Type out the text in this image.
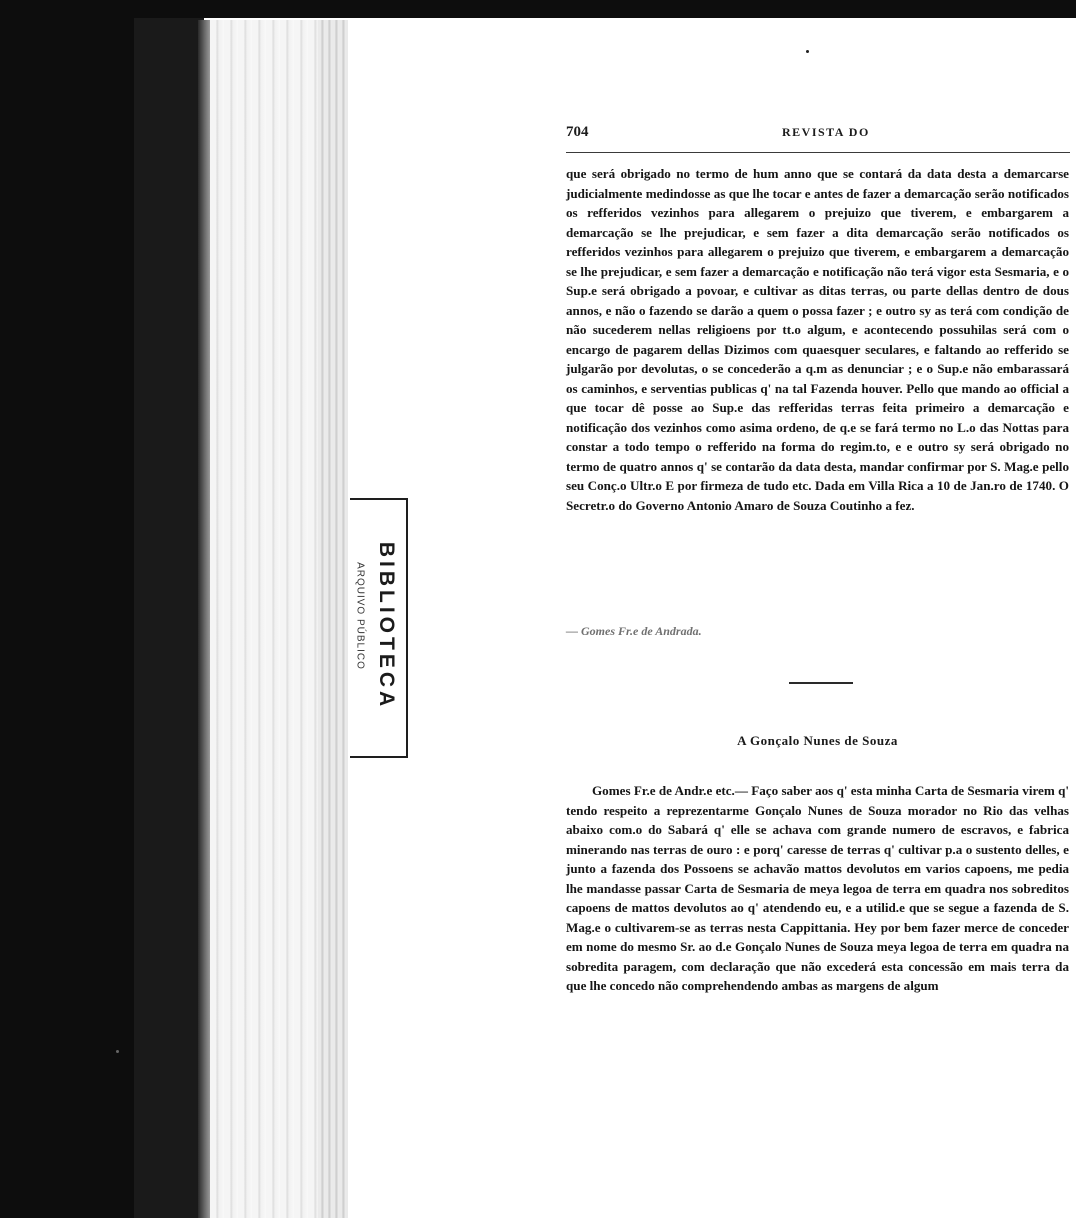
BIBLIOTECA
ARQUIVO PÚBLICO
704	REVISTA DO

que será obrigado no termo de hum anno que se contará da data desta a demarcarse judicialmente medindosse as que lhe tocar e antes de fazer a demarcação serão notificados os refferidos vezinhos para allegarem o prejuizo que tiverem, e embargarem a demarcação se lhe prejudicar, e sem fazer a dita demarcação serão notificados os refferidos vezinhos para allegarem o prejuizo que tiverem, e embargarem a demarcação se lhe prejudicar, e sem fazer a demarcação e notificação não terá vigor esta Sesmaria, e o Sup.e será obrigado a povoar, e cultivar as ditas terras, ou parte dellas dentro de dous annos, e não o fazendo se darão a quem o possa fazer ; e outro sy as terá com condição de não sucederem nellas religioens por tt.o algum, e acontecendo possuhilas será com o encargo de pagarem dellas Dizimos com quaesquer seculares, e faltando ao refferido se julgarão por devolutas, o se concederão a q.m as denunciar ; e o Sup.e não embarassará os caminhos, e serventias publicas q' na tal Fazenda houver. Pello que mando ao official a que tocar dê posse ao Sup.e das refferidas terras feita primeiro a demarcação e notificação dos vezinhos como asima ordeno, de q.e se fará termo no L.o das Nottas para constar a todo tempo o refferido na forma do regim.to, e e outro sy será obrigado no termo de quatro annos q' se contarão da data desta, mandar confirmar por S. Mag.e pello seu Conç.o Ultr.o E por firmeza de tudo etc. Dada em Villa Rica a 10 de Jan.ro de 1740. O Secretr.o do Governo Antonio Amaro de Souza Coutinho a fez.

— Gomes Fr.e de Andrada.
A Gonçalo Nunes de Souza

Gomes Fr.e de Andr.e etc.— Faço saber aos q' esta minha Carta de Sesmaria virem q' tendo respeito a reprezentarme Gonçalo Nunes de Souza morador no Rio das velhas abaixo com.o do Sabará q' elle se achava com grande numero de escravos, e fabrica minerando nas terras de ouro : e porq' caresse de terras q' cultivar p.a o sustento delles, e junto a fazenda dos Possoens se achavão mattos devolutos em varios capoens, me pedia lhe mandasse passar Carta de Sesmaria de meya legoa de terra em quadra nos sobreditos capoens de mattos devolutos ao q' atendendo eu, e a utilid.e que se segue a fazenda de S. Mag.e o cultivarem-se as terras nesta Cappittania. Hey por bem fazer merce de conceder em nome do mesmo Sr. ao d.e Gonçalo Nunes de Souza meya legoa de terra em quadra na sobredita paragem, com declaração que não excederá esta concessão em mais terra da que lhe concedo não comprehendendo ambas as margens de algum
